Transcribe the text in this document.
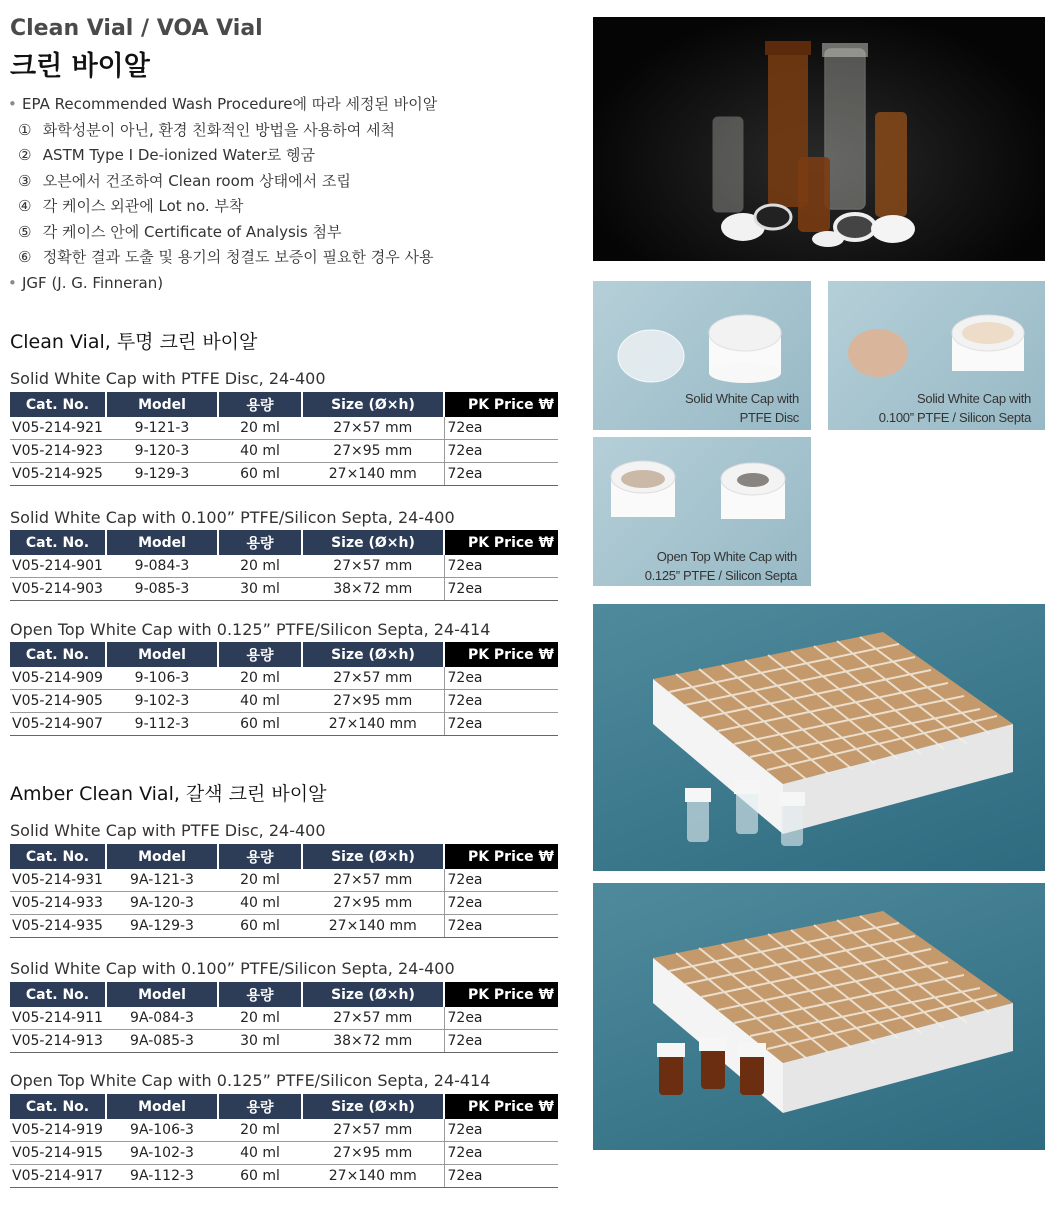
Clean Vial / VOA Vial
크린 바이알
• EPA Recommended Wash Procedure에 따라 세정된 바이알
① 화학성분이 아닌, 환경 친화적인 방법을 사용하여 세척
② ASTM Type I De-ionized Water로 헹굼
③ 오븐에서 건조하여 Clean room 상태에서 조립
④ 각 케이스 외관에 Lot no. 부착
⑤ 각 케이스 안에 Certificate of Analysis 첨부
⑥ 정확한 결과 도출 및 용기의 청결도 보증이 필요한 경우 사용
• JGF (J. G. Finneran)
Clean Vial, 투명 크린 바이알
Solid White Cap with PTFE Disc, 24-400
Cat. No.	Model	용량	Size (Ø×h)	PK Price ₩
V05-214-921	9-121-3	20 ml	27×57 mm	72ea
V05-214-923	9-120-3	40 ml	27×95 mm	72ea
V05-214-925	9-129-3	60 ml	27×140 mm	72ea
Solid White Cap with 0.100” PTFE/Silicon Septa, 24-400
Cat. No.	Model	용량	Size (Ø×h)	PK Price ₩
V05-214-901	9-084-3	20 ml	27×57 mm	72ea
V05-214-903	9-085-3	30 ml	38×72 mm	72ea
Open Top White Cap with 0.125” PTFE/Silicon Septa, 24-414
Cat. No.	Model	용량	Size (Ø×h)	PK Price ₩
V05-214-909	9-106-3	20 ml	27×57 mm	72ea
V05-214-905	9-102-3	40 ml	27×95 mm	72ea
V05-214-907	9-112-3	60 ml	27×140 mm	72ea
Amber Clean Vial, 갈색 크린 바이알
Solid White Cap with PTFE Disc, 24-400
Cat. No.	Model	용량	Size (Ø×h)	PK Price ₩
V05-214-931	9A-121-3	20 ml	27×57 mm	72ea
V05-214-933	9A-120-3	40 ml	27×95 mm	72ea
V05-214-935	9A-129-3	60 ml	27×140 mm	72ea
Solid White Cap with 0.100” PTFE/Silicon Septa, 24-400
Cat. No.	Model	용량	Size (Ø×h)	PK Price ₩
V05-214-911	9A-084-3	20 ml	27×57 mm	72ea
V05-214-913	9A-085-3	30 ml	38×72 mm	72ea
Open Top White Cap with 0.125” PTFE/Silicon Septa, 24-414
Cat. No.	Model	용량	Size (Ø×h)	PK Price ₩
V05-214-919	9A-106-3	20 ml	27×57 mm	72ea
V05-214-915	9A-102-3	40 ml	27×95 mm	72ea
V05-214-917	9A-112-3	60 ml	27×140 mm	72ea
Solid White Cap with
PTFE Disc
Solid White Cap with
0.100” PTFE / Silicon Septa
Open Top White Cap with
0.125” PTFE / Silicon Septa
